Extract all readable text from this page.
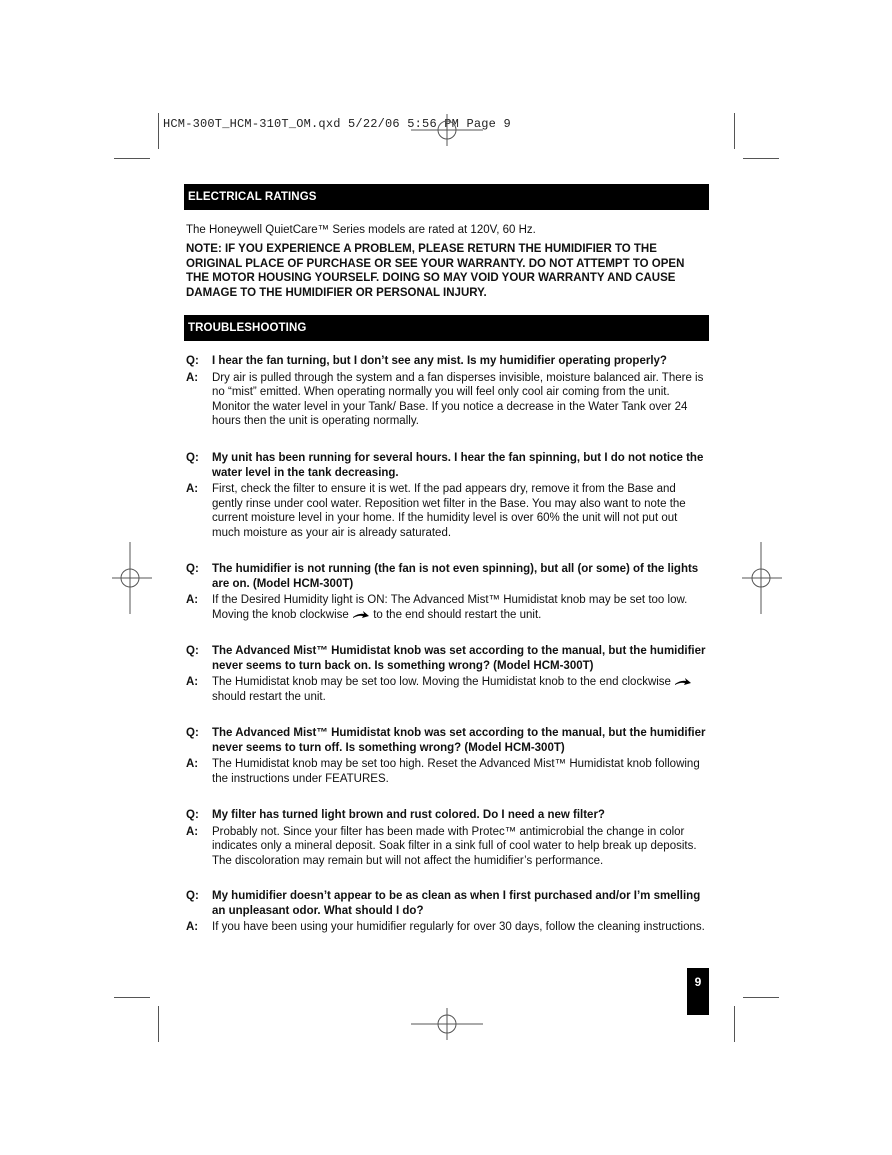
HCM-300T_HCM-310T_OM.qxd 5/22/06 5:56 PM Page 9
ELECTRICAL RATINGS
The Honeywell QuietCare™ Series models are rated at 120V, 60 Hz.
NOTE: IF YOU EXPERIENCE A PROBLEM, PLEASE RETURN THE HUMIDIFIER TO THE ORIGINAL PLACE OF PURCHASE OR SEE YOUR WARRANTY. DO NOT ATTEMPT TO OPEN THE MOTOR HOUSING YOURSELF. DOING SO MAY VOID YOUR WARRANTY AND CAUSE DAMAGE TO THE HUMIDIFIER OR PERSONAL INJURY.
TROUBLESHOOTING
Q:	I hear the fan turning, but I don’t see any mist. Is my humidifier operating properly?
A:	Dry air is pulled through the system and a fan disperses invisible, moisture balanced air. There is no “mist” emitted. When operating normally you will feel only cool air coming from the unit. Monitor the water level in your Tank/ Base. If you notice a decrease in the Water Tank over 24 hours then the unit is operating normally.
Q:	My unit has been running for several hours. I hear the fan spinning, but I do not notice the water level in the tank decreasing.
A:	First, check the filter to ensure it is wet. If the pad appears dry, remove it from the Base and gently rinse under cool water. Reposition wet filter in the Base. You may also want to note the current moisture level in your home. If the humidity level is over 60% the unit will not put out much moisture as your air is already saturated.
Q:	The humidifier is not running (the fan is not even spinning), but all (or some) of the lights are on. (Model HCM-300T)
A:	If the Desired Humidity light is ON: The Advanced Mist™ Humidistat knob may be set too low. Moving the knob clockwise  to the end should restart the unit.
Q:	The Advanced Mist™ Humidistat knob was set according to the manual, but the humidifier never seems to turn back on. Is something wrong? (Model HCM-300T)
A:	The Humidistat knob may be set too low. Moving the Humidistat knob to the end clockwise
should restart the unit.
Q:	The Advanced Mist™ Humidistat knob was set according to the manual, but the humidifier never seems to turn off. Is something wrong? (Model HCM-300T)
A:	The Humidistat knob may be set too high. Reset the Advanced Mist™ Humidistat knob following the instructions under FEATURES.
Q:	My filter has turned light brown and rust colored. Do I need a new filter?
A:	Probably not. Since your filter has been made with Protec™ antimicrobial the change in color indicates only a mineral deposit. Soak filter in a sink full of cool water to help break up deposits. The discoloration may remain but will not affect the humidifier’s performance.
Q:	My humidifier doesn’t appear to be as clean as when I first purchased and/or I’m smelling an unpleasant odor. What should I do?
A:	If you have been using your humidifier regularly for over 30 days, follow the cleaning instructions.
9
